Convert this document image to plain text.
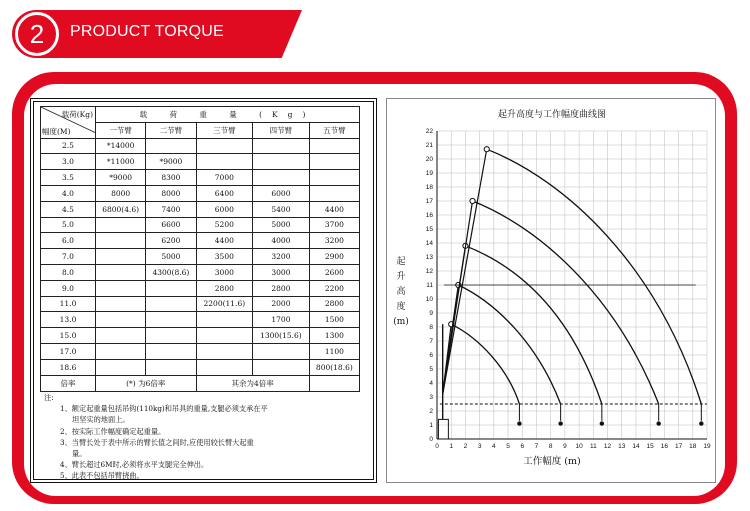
2	PRODUCT TORQUE
载荷(Kg)
幅度(M)	载 荷 重 量 (Kg)				
	一节臂	二节臂	三节臂	四节臂	五节臂
2.5	*14000				
3.0	*11000	*9000			
3.5	*9000	8300	7000		
4.0	8000	8000	6400	6000	
4.5	6800(4.6)	7400	6000	5400	4400
5.0		6600	5200	5000	3700
6.0		6200	4400	4000	3200
7.0		5000	3500	3200	2900
8.0		4300(8.6)	3000	3000	2600
9.0			2800	2800	2200
11.0			2200(11.6)	2000	2800
13.0				1700	1500
15.0				1300(15.6)	1300
17.0					1100
18.6					800(18.6)
倍率	(*) 为6倍率		其余为4倍率		
注:
1、额定起重量包括吊钩(110kg)和吊具的重量,支腿必须支承在平
坦坚实的地面上。
2、按实际工作幅度确定起重量。
3、当臂长处于表中所示的臂长值之间时,应使用较长臂大起重
量。
4、臂长超过6M时,必须将水平支腿完全伸出。
5、此表不包括吊臂挠曲。
起升高度与工作幅度曲线图
起
升
高
度
(m)
0 1 2 3 4 5 6 7 8 9 10 11 12 13 14 15 16 17 18 19
0
1
2
3
4
5
6
7
8
9
10
11
12
13
14
15
16
17
18
19
20
21
22
工作幅度 (m)
